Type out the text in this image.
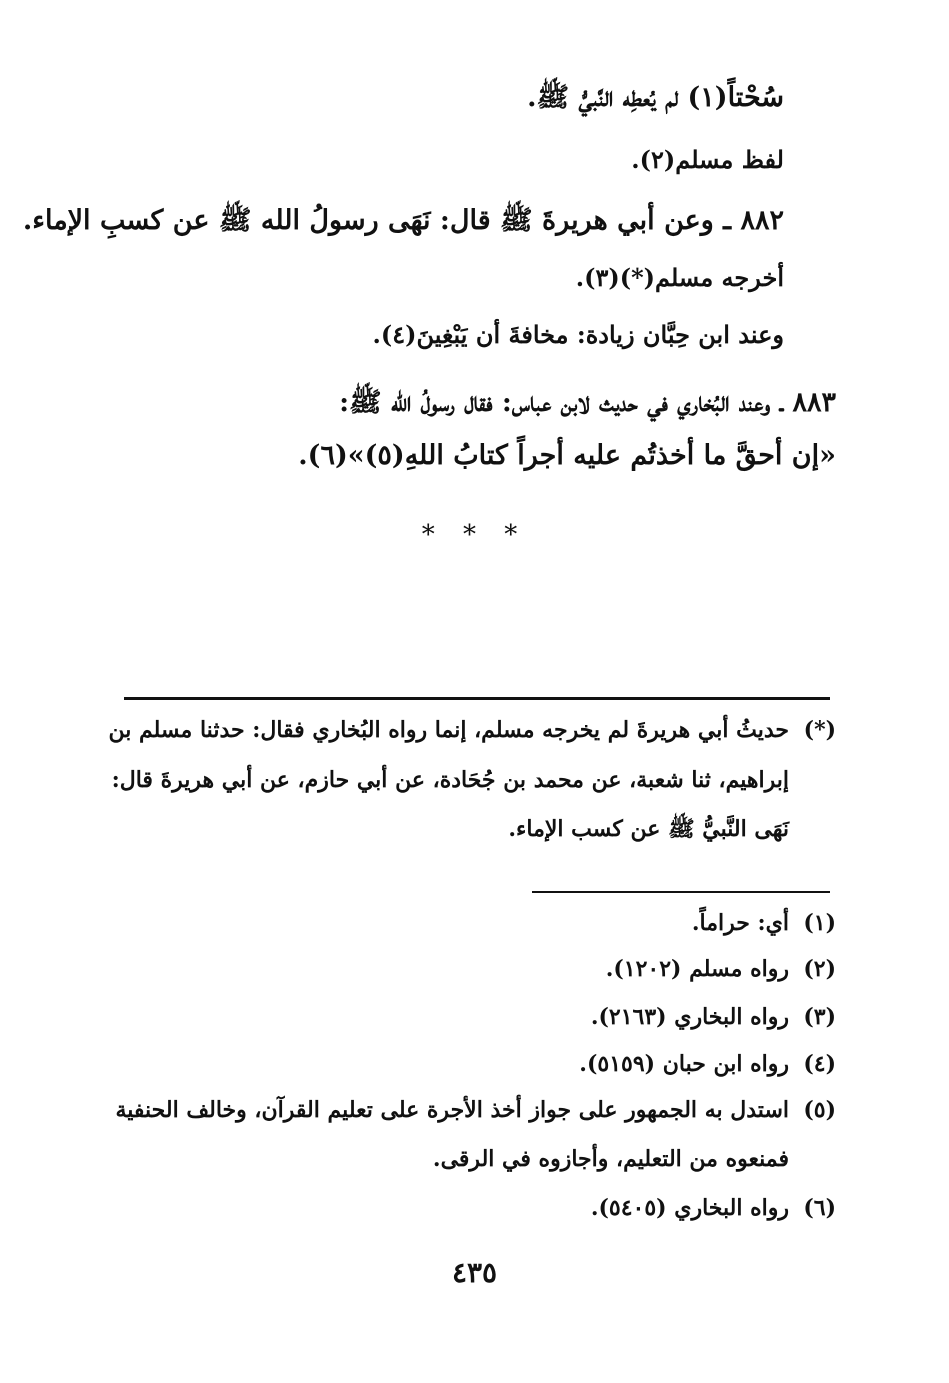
سُحْتاً(١) لم يُعطِه النَّبيُّ ﷺ.
لفظ مسلم(٢).
٨٨٢ ـ وعن أبي هريرةَ ﷺ قال: نَهَى رسولُ الله ﷺ عن كسبِ الإماء.
أخرجه مسلم(*)(٣).
وعند ابن حِبَّان زيادة: مخافةَ أن يَبْغِينَ(٤).
٨٨٣ ـ وعند البُخاري في حديث لابن عباس: فقال رسولُ الله ﷺ:
«إن أحقَّ ما أخذتُم عليه أجراً كتابُ اللهِ(٥)»(٦).
* * *
(*)
حديثُ أبي هريرةَ لم يخرجه مسلم، إنما رواه البُخاري فقال: حدثنا مسلم بن
إبراهيم، ثنا شعبة، عن محمد بن جُحَادة، عن أبي حازم، عن أبي هريرةَ قال:
نَهَى النَّبيُّ ﷺ عن كسب الإماء.
(١)
أي: حراماً.
(٢)
رواه مسلم (١٢٠٢).
(٣)
رواه البخاري (٢١٦٣).
(٤)
رواه ابن حبان (٥١٥٩).
(٥)
استدل به الجمهور على جواز أخذ الأجرة على تعليم القرآن، وخالف الحنفية
فمنعوه من التعليم، وأجازوه في الرقى.
(٦)
رواه البخاري (٥٤٠٥).
٤٣٥
